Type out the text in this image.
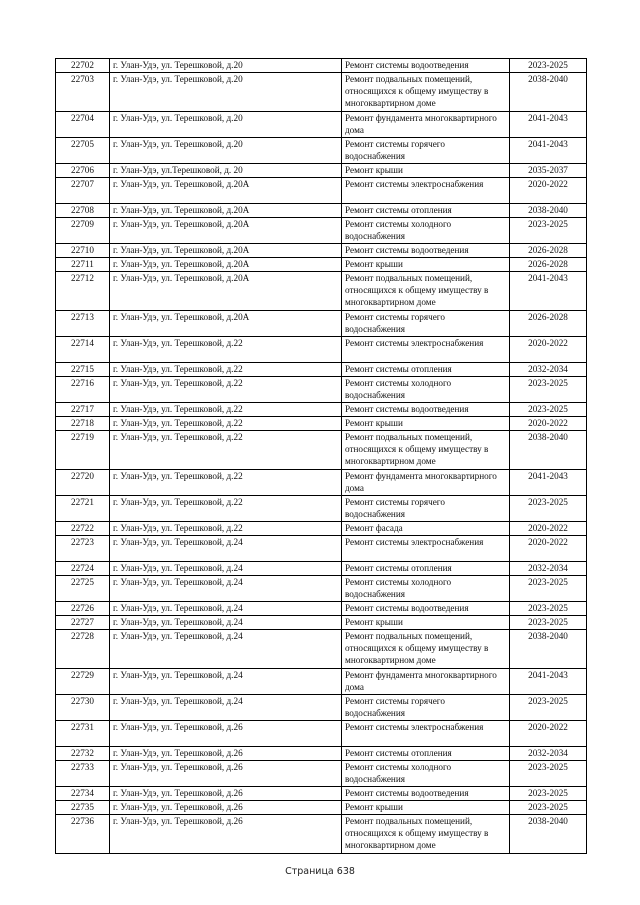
22702	г. Улан-Удэ, ул. Терешковой, д.20	Ремонт системы водоотведения	2023-2025
22703	г. Улан-Удэ, ул. Терешковой, д.20	Ремонт подвальных помещений, относящихся к общему имуществу в многоквартирном доме	2038-2040
22704	г. Улан-Удэ, ул. Терешковой, д.20	Ремонт фундамента многоквартирного дома	2041-2043
22705	г. Улан-Удэ, ул. Терешковой, д.20	Ремонт системы горячего водоснабжения	2041-2043
22706	г. Улан-Удэ, ул.Терешковой, д. 20	Ремонт крыши	2035-2037
22707	г. Улан-Удэ, ул. Терешковой, д.20А	Ремонт системы электроснабжения	2020-2022
22708	г. Улан-Удэ, ул. Терешковой, д.20А	Ремонт системы отопления	2038-2040
22709	г. Улан-Удэ, ул. Терешковой, д.20А	Ремонт системы холодного водоснабжения	2023-2025
22710	г. Улан-Удэ, ул. Терешковой, д.20А	Ремонт системы водоотведения	2026-2028
22711	г. Улан-Удэ, ул. Терешковой, д.20А	Ремонт крыши	2026-2028
22712	г. Улан-Удэ, ул. Терешковой, д.20А	Ремонт подвальных помещений, относящихся к общему имуществу в многоквартирном доме	2041-2043
22713	г. Улан-Удэ, ул. Терешковой, д.20А	Ремонт системы горячего водоснабжения	2026-2028
22714	г. Улан-Удэ, ул. Терешковой, д.22	Ремонт системы электроснабжения	2020-2022
22715	г. Улан-Удэ, ул. Терешковой, д.22	Ремонт системы отопления	2032-2034
22716	г. Улан-Удэ, ул. Терешковой, д.22	Ремонт системы холодного водоснабжения	2023-2025
22717	г. Улан-Удэ, ул. Терешковой, д.22	Ремонт системы водоотведения	2023-2025
22718	г. Улан-Удэ, ул. Терешковой, д.22	Ремонт крыши	2020-2022
22719	г. Улан-Удэ, ул. Терешковой, д.22	Ремонт подвальных помещений, относящихся к общему имуществу в многоквартирном доме	2038-2040
22720	г. Улан-Удэ, ул. Терешковой, д.22	Ремонт фундамента многоквартирного дома	2041-2043
22721	г. Улан-Удэ, ул. Терешковой, д.22	Ремонт системы горячего водоснабжения	2023-2025
22722	г. Улан-Удэ, ул. Терешковой, д.22	Ремонт фасада	2020-2022
22723	г. Улан-Удэ, ул. Терешковой, д.24	Ремонт системы электроснабжения	2020-2022
22724	г. Улан-Удэ, ул. Терешковой, д.24	Ремонт системы отопления	2032-2034
22725	г. Улан-Удэ, ул. Терешковой, д.24	Ремонт системы холодного водоснабжения	2023-2025
22726	г. Улан-Удэ, ул. Терешковой, д.24	Ремонт системы водоотведения	2023-2025
22727	г. Улан-Удэ, ул. Терешковой, д.24	Ремонт крыши	2023-2025
22728	г. Улан-Удэ, ул. Терешковой, д.24	Ремонт подвальных помещений, относящихся к общему имуществу в многоквартирном доме	2038-2040
22729	г. Улан-Удэ, ул. Терешковой, д.24	Ремонт фундамента многоквартирного дома	2041-2043
22730	г. Улан-Удэ, ул. Терешковой, д.24	Ремонт системы горячего водоснабжения	2023-2025
22731	г. Улан-Удэ, ул. Терешковой, д.26	Ремонт системы электроснабжения	2020-2022
22732	г. Улан-Удэ, ул. Терешковой, д.26	Ремонт системы отопления	2032-2034
22733	г. Улан-Удэ, ул. Терешковой, д.26	Ремонт системы холодного водоснабжения	2023-2025
22734	г. Улан-Удэ, ул. Терешковой, д.26	Ремонт системы водоотведения	2023-2025
22735	г. Улан-Удэ, ул. Терешковой, д.26	Ремонт крыши	2023-2025
22736	г. Улан-Удэ, ул. Терешковой, д.26	Ремонт подвальных помещений, относящихся к общему имуществу в многоквартирном доме	2038-2040
Страница 638
